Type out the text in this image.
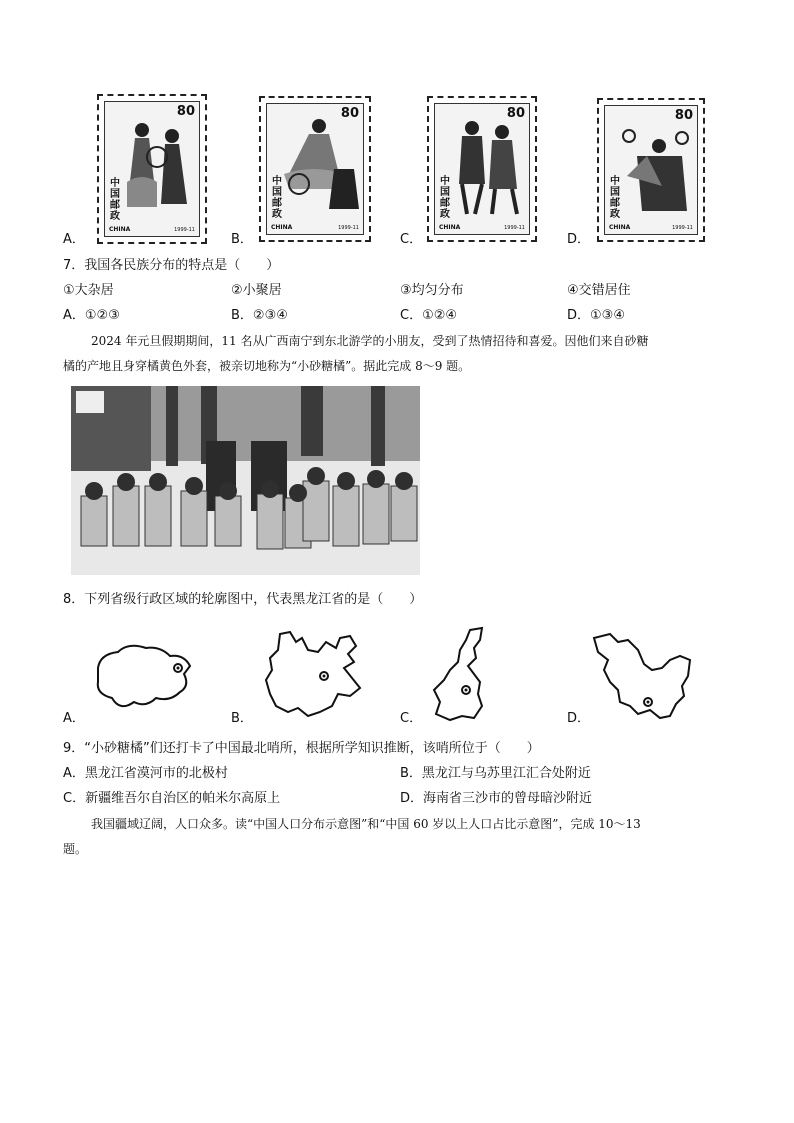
80
中国邮政
CHINA	1999-11
A．
80
中国邮政
CHINA	1999-11
B．
80
中国邮政
CHINA	1999-11
C．
80
中国邮政
CHINA	1999-11
D．
7．我国各民族分布的特点是（　　）
①大杂居	②小聚居	③均匀分布	④交错居住
A．①②③	B．②③④	C．①②④	D．①③④
2024 年元旦假期期间，11 名从广西南宁到东北游学的小朋友，受到了热情招待和喜爱。因他们来自砂糖
橘的产地且身穿橘黄色外套，被亲切地称为“小砂糖橘”。据此完成 8～9 题。
8．下列省级行政区域的轮廓图中，代表黑龙江省的是（　　）
A．	B．	C．	D．
9．“小砂糖橘”们还打卡了中国最北哨所，根据所学知识推断，该哨所位于（　　）
A．黑龙江省漠河市的北极村	B．黑龙江与乌苏里江汇合处附近
C．新疆维吾尔自治区的帕米尔高原上	D．海南省三沙市的曾母暗沙附近
我国疆域辽阔，人口众多。读“中国人口分布示意图”和“中国 60 岁以上人口占比示意图”，完成 10～13
题。
